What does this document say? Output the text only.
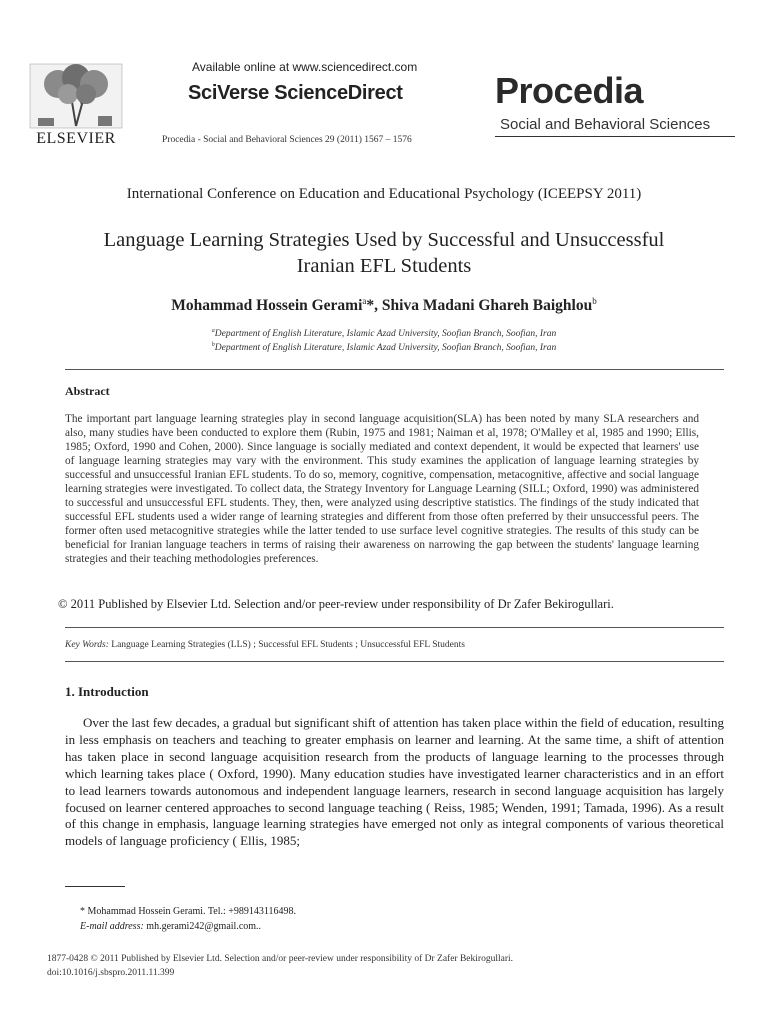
ELSEVIER
Available online at www.sciencedirect.com
SciVerse ScienceDirect
Procedia - Social and Behavioral Sciences 29 (2011) 1567 – 1576
Procedia
Social and Behavioral Sciences
International Conference on Education and Educational Psychology (ICEEPSY 2011)
Language Learning Strategies Used by Successful and Unsuccessful
Iranian EFL Students
Mohammad Hossein Gerami$^a$*, Shiva Madani Ghareh Baighlou$^b$
$^a$Department of English Literature, Islamic Azad University, Soofian Branch, Soofian, Iran
$^b$Department of English Literature, Islamic Azad University, Soofian Branch, Soofian, Iran
Abstract
The important part language learning strategies play in second language acquisition(SLA) has been noted by many SLA researchers and also, many studies have been conducted to explore them (Rubin, 1975 and 1981; Naiman et al, 1978; O'Malley et al, 1985 and 1990; Ellis, 1985; Oxford, 1990 and Cohen, 2000). Since language is socially mediated and context dependent, it would be expected that learners' use of language learning strategies may vary with the environment. This study examines the application of language learning strategies by successful and unsuccessful Iranian EFL students. To do so, memory, cognitive, compensation, metacognitive, affective and social language learning strategies were investigated. To collect data, the Strategy Inventory for Language Learning (SILL; Oxford, 1990) was administered to successful and unsuccessful EFL students. They, then, were analyzed using descriptive statistics. The findings of the study indicated that successful EFL students used a wider range of learning strategies and different from those often preferred by their unsuccessful peers. The former often used metacognitive strategies while the latter tended to use surface level cognitive strategies. The results of this study can be beneficial for Iranian language teachers in terms of raising their awareness on narrowing the gap between the students' language learning strategies and their teaching methodologies preferences.
© 2011 Published by Elsevier Ltd. Selection and/or peer-review under responsibility of Dr Zafer Bekirogullari.
Key Words: Language Learning Strategies (LLS) ; Successful EFL Students ; Unsuccessful EFL Students
1. Introduction
Over the last few decades, a gradual but significant shift of attention has taken place within the field of education, resulting in less emphasis on teachers and teaching to greater emphasis on learner and learning. At the same time, a shift of attention has taken place in second language acquisition research from the products of language learning to the processes through which learning takes place ( Oxford, 1990). Many education studies have investigated learner characteristics and in an effort to lead learners towards autonomous and independent language learners, research in second language acquisition has largely focused on learner centered approaches to second language teaching ( Reiss, 1985; Wenden, 1991; Tamada, 1996). As a result of this change in emphasis, language learning strategies have emerged not only as integral components of various theoretical models of language proficiency ( Ellis, 1985;
* Mohammad Hossein Gerami. Tel.: +989143116498.
E-mail address: mh.gerami242@gmail.com..
1877-0428 © 2011 Published by Elsevier Ltd. Selection and/or peer-review under responsibility of Dr Zafer Bekirogullari.
doi:10.1016/j.sbspro.2011.11.399
